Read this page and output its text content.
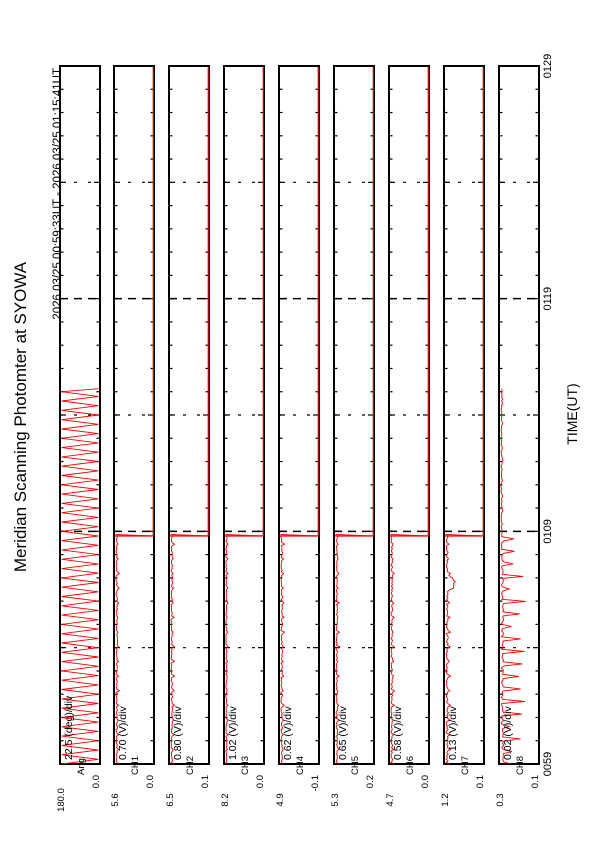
Meridian Scanning Photomter at SYOWA
2026 03/25 00:59:33UT - 2026 03/25 01:15:41UT
TIME(UT)
180.0
Ang
0.0
22.5 (deg)/div
5.6
CH1
0.0
0.70 (V)/div
6.5
CH2
0.1
0.80 (V)/div
8.2
CH3
0.0
1.02 (V)/div
4.9
CH4
-0.1
0.62 (V)/div
5.3
CH5
0.2
0.65 (V)/div
4.7
CH6
0.0
0.58 (V)/div
1.2
CH7
0.1
0.13 (V)/div
0.3
CH8
0.1
0.02 (V)/div
0059
0109
0119
0129
